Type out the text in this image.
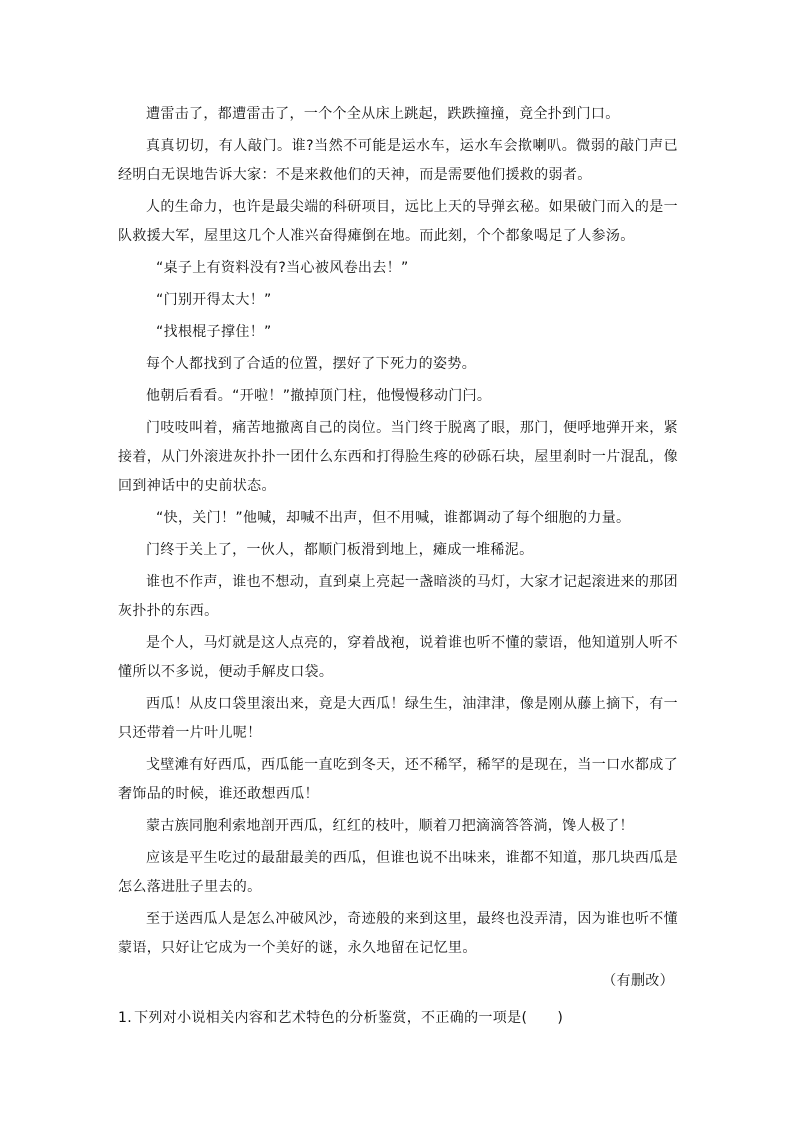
遭雷击了，都遭雷击了，一个个全从床上跳起，跌跌撞撞，竟全扑到门口。

真真切切，有人敲门。谁?当然不可能是运水车，运水车会揿喇叭。微弱的敲门声已经明白无误地告诉大家：不是来救他们的天神，而是需要他们援救的弱者。

人的生命力，也许是最尖端的科研项目，远比上天的导弹玄秘。如果破门而入的是一队救援大军，屋里这几个人准兴奋得瘫倒在地。而此刻，个个都象喝足了人参汤。

“桌子上有资料没有?当心被风卷出去！”

“门别开得太大！”

“找根棍子撑住！”

每个人都找到了合适的位置，摆好了下死力的姿势。

他朝后看看。“开啦！”撤掉顶门柱，他慢慢移动门闩。

门吱吱叫着，痛苦地撤离自己的岗位。当门终于脱离了眼，那门，便呼地弹开来，紧接着，从门外滚进灰扑扑一团什么东西和打得脸生疼的砂砾石块，屋里刹时一片混乱，像回到神话中的史前状态。

“快，关门！”他喊，却喊不出声，但不用喊，谁都调动了每个细胞的力量。

门终于关上了，一伙人，都顺门板滑到地上，瘫成一堆稀泥。

谁也不作声，谁也不想动，直到桌上亮起一盏暗淡的马灯，大家才记起滚进来的那团灰扑扑的东西。

是个人，马灯就是这人点亮的，穿着战袍，说着谁也听不懂的蒙语，他知道别人听不懂所以不多说，便动手解皮口袋。

西瓜！从皮口袋里滚出来，竟是大西瓜！绿生生，油津津，像是刚从藤上摘下，有一只还带着一片叶儿呢！

戈壁滩有好西瓜，西瓜能一直吃到冬天，还不稀罕，稀罕的是现在，当一口水都成了奢饰品的时候，谁还敢想西瓜！

蒙古族同胞利索地剖开西瓜，红红的枝叶，顺着刀把滴滴答答淌，馋人极了！

应该是平生吃过的最甜最美的西瓜，但谁也说不出味来，谁都不知道，那几块西瓜是怎么落进肚子里去的。

至于送西瓜人是怎么冲破风沙，奇迹般的来到这里，最终也没弄清，因为谁也听不懂蒙语，只好让它成为一个美好的谜，永久地留在记忆里。

（有删改）

1. 下列对小说相关内容和艺术特色的分析鉴赏，不正确的一项是( )
